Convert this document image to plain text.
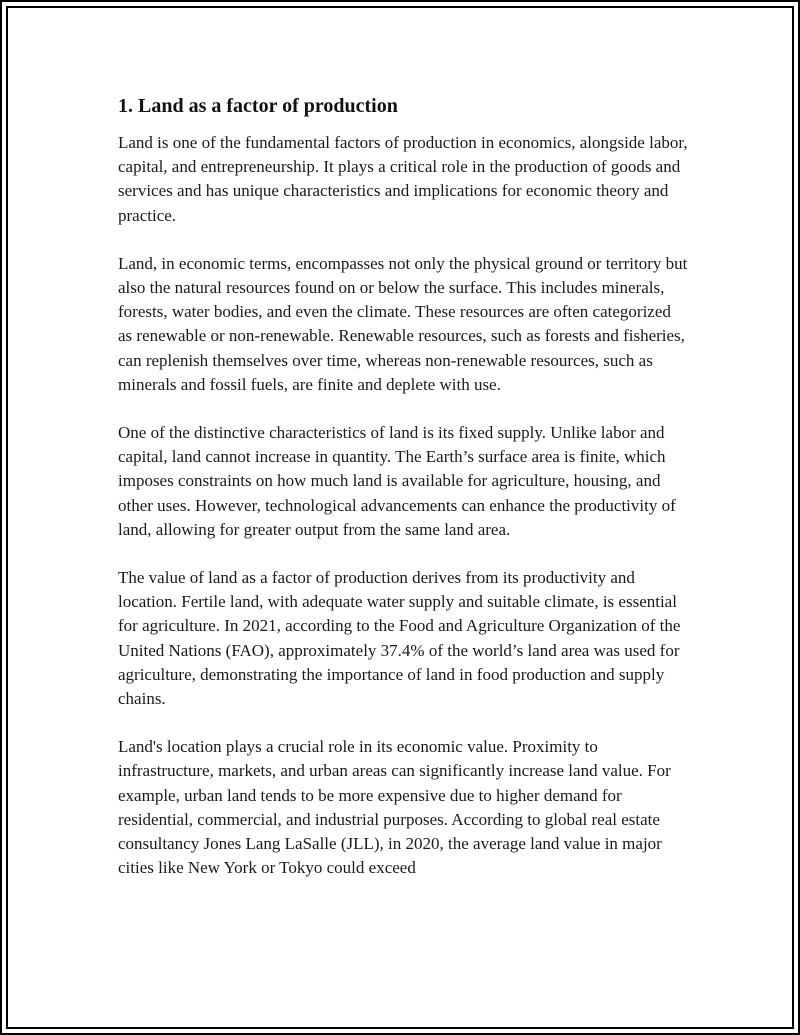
1. Land as a factor of production

Land is one of the fundamental factors of production in economics, alongside labor, capital, and entrepreneurship. It plays a critical role in the production of goods and services and has unique characteristics and implications for economic theory and practice.

Land, in economic terms, encompasses not only the physical ground or territory but also the natural resources found on or below the surface. This includes minerals, forests, water bodies, and even the climate. These resources are often categorized as renewable or non-renewable. Renewable resources, such as forests and fisheries, can replenish themselves over time, whereas non-renewable resources, such as minerals and fossil fuels, are finite and deplete with use.

One of the distinctive characteristics of land is its fixed supply. Unlike labor and capital, land cannot increase in quantity. The Earth’s surface area is finite, which imposes constraints on how much land is available for agriculture, housing, and other uses. However, technological advancements can enhance the productivity of land, allowing for greater output from the same land area.

The value of land as a factor of production derives from its productivity and location. Fertile land, with adequate water supply and suitable climate, is essential for agriculture. In 2021, according to the Food and Agriculture Organization of the United Nations (FAO), approximately 37.4% of the world’s land area was used for agriculture, demonstrating the importance of land in food production and supply chains.

Land's location plays a crucial role in its economic value. Proximity to infrastructure, markets, and urban areas can significantly increase land value. For example, urban land tends to be more expensive due to higher demand for residential, commercial, and industrial purposes. According to global real estate consultancy Jones Lang LaSalle (JLL), in 2020, the average land value in major cities like New York or Tokyo could exceed
